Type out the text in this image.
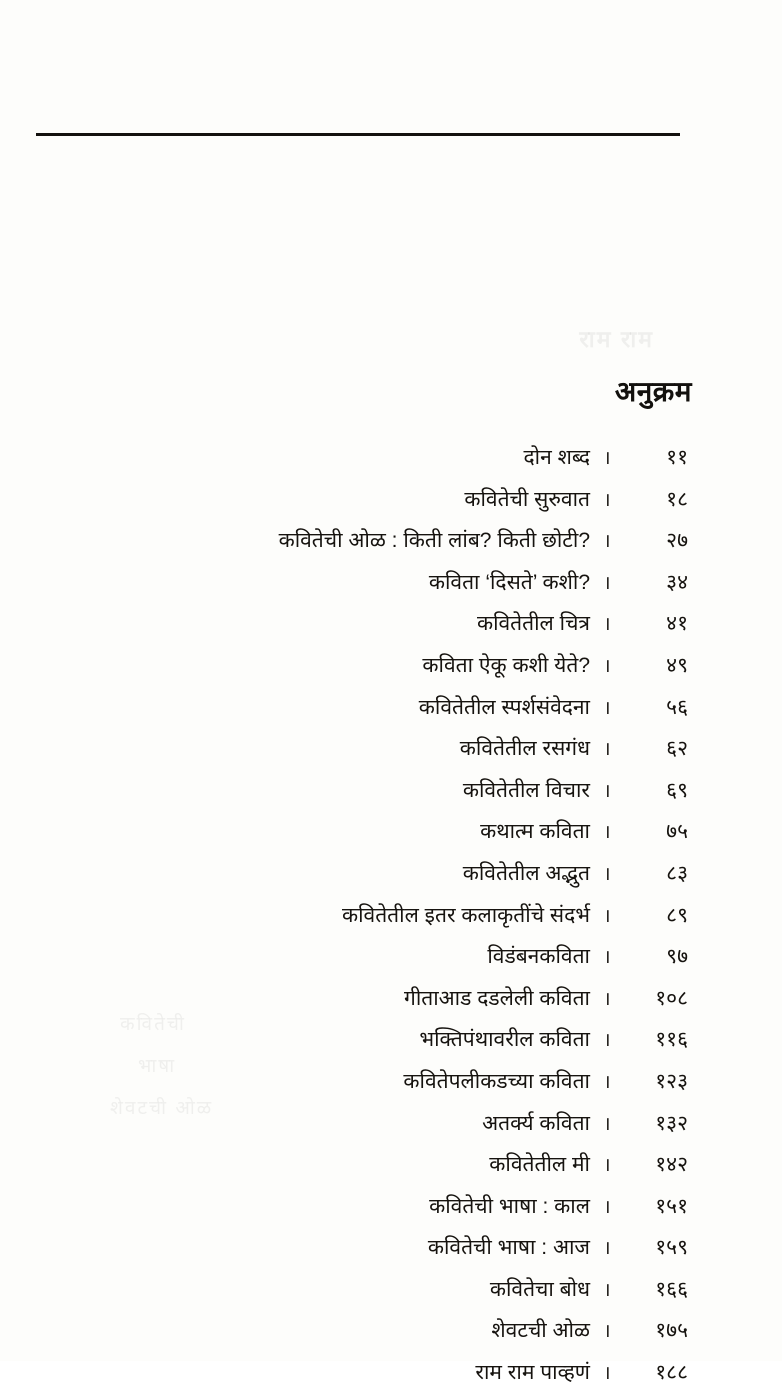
राम राम
कवितेची
भाषा
शेवटची ओळ
अनुक्रम
दोन शब्द ।	११
कवितेची सुरुवात ।	१८
कवितेची ओळ : किती लांब? किती छोटी? ।	२७
कविता ‘दिसते’ कशी? ।	३४
कवितेतील चित्र ।	४१
कविता ऐकू कशी येते? ।	४९
कवितेतील स्पर्शसंवेदना ।	५६
कवितेतील रसगंध ।	६२
कवितेतील विचार ।	६९
कथात्म कविता ।	७५
कवितेतील अद्भुत ।	८३
कवितेतील इतर कलाकृतींचे संदर्भ ।	८९
विडंबनकविता ।	९७
गीताआड दडलेली कविता ।	१०८
भक्तिपंथावरील कविता ।	११६
कवितेपलीकडच्या कविता ।	१२३
अतर्क्य कविता ।	१३२
कवितेतील मी ।	१४२
कवितेची भाषा : काल ।	१५१
कवितेची भाषा : आज ।	१५९
कवितेचा बोध ।	१६६
शेवटची ओळ ।	१७५
राम राम पाव्हणं ।	१८८
